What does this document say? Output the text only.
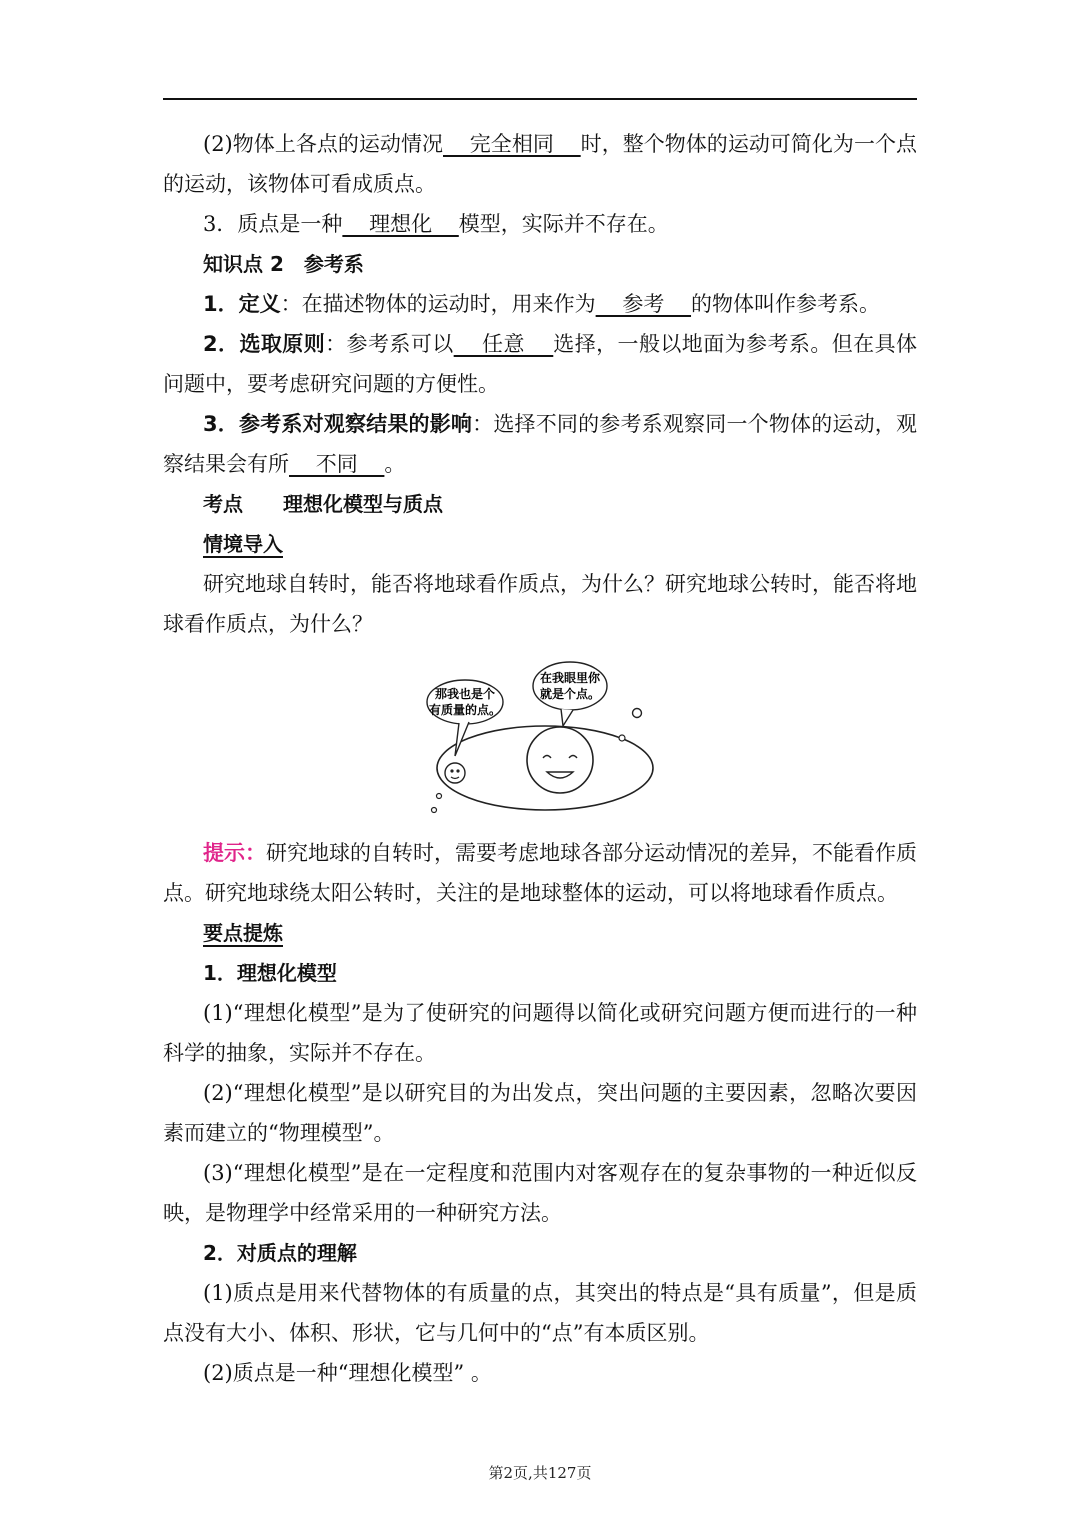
(2)物体上各点的运动情况    完全相同    时，整个物体的运动可简化为一个点的运动，该物体可看成质点。

3．质点是一种    理想化    模型，实际并不存在。

知识点 2　参考系

1．定义：在描述物体的运动时，用来作为    参考    的物体叫作参考系。

2．选取原则：参考系可以    任意    选择，一般以地面为参考系。但在具体问题中，要考虑研究问题的方便性。

3．参考系对观察结果的影响：选择不同的参考系观察同一个物体的运动，观察结果会有所    不同    。

考点　　理想化模型与质点

情境导入

研究地球自转时，能否将地球看作质点，为什么？研究地球公转时，能否将地球看作质点，为什么？

那我也是个
有质量的点。
在我眼里你
就是个点。

提示：研究地球的自转时，需要考虑地球各部分运动情况的差异，不能看作质点。研究地球绕太阳公转时，关注的是地球整体的运动，可以将地球看作质点。

要点提炼

1．理想化模型

(1)“理想化模型”是为了使研究的问题得以简化或研究问题方便而进行的一种科学的抽象，实际并不存在。

(2)“理想化模型”是以研究目的为出发点，突出问题的主要因素，忽略次要因素而建立的“物理模型”。

(3)“理想化模型”是在一定程度和范围内对客观存在的复杂事物的一种近似反映，是物理学中经常采用的一种研究方法。

2．对质点的理解

(1)质点是用来代替物体的有质量的点，其突出的特点是“具有质量”，但是质点没有大小、体积、形状，它与几何中的“点”有本质区别。

(2)质点是一种“理想化模型” 。

第2页,共127页
